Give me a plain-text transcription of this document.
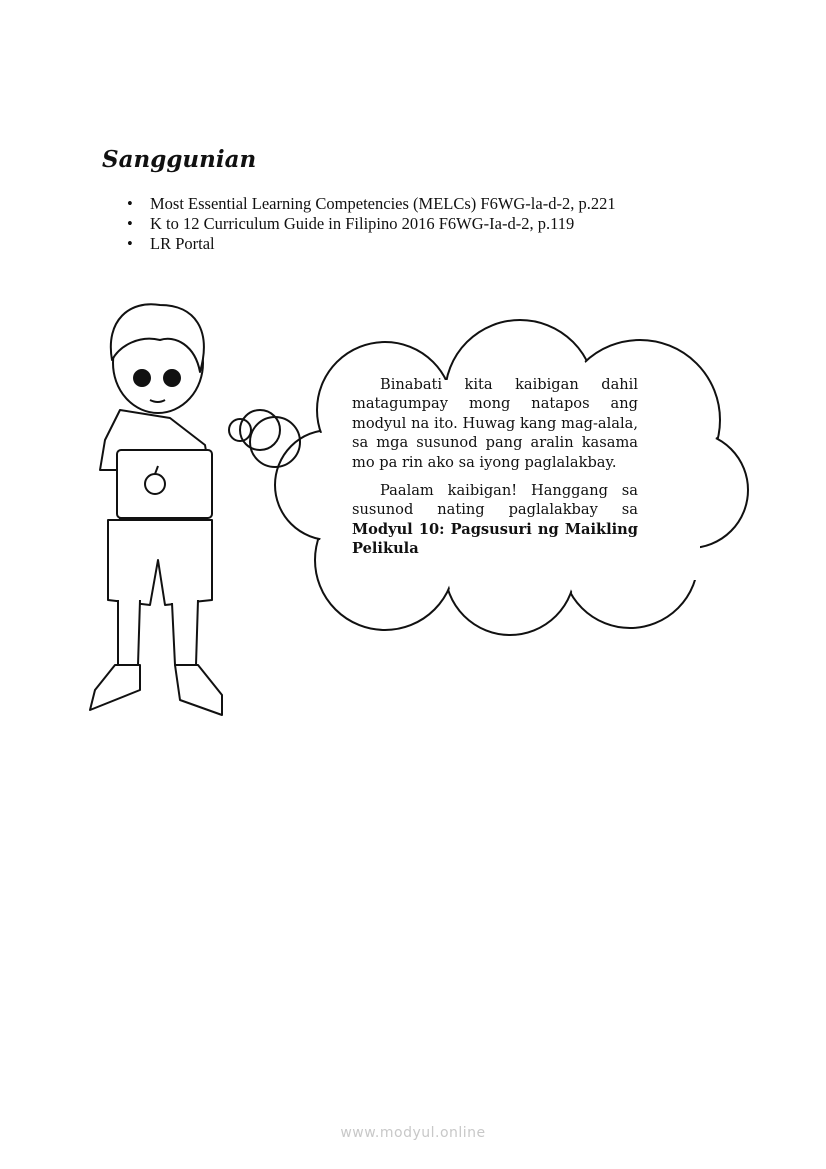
Sanggunian
• Most Essential Learning Competencies (MELCs) F6WG-la-d-2, p.221
• K to 12 Curriculum Guide in Filipino 2016 F6WG-Ia-d-2, p.119
• LR Portal

Binabati kita kaibigan dahil matagumpay mong natapos ang modyul na ito. Huwag kang mag-alala, sa mga susunod pang aralin kasama mo pa rin ako sa iyong paglalakbay.

Paalam kaibigan! Hanggang sa susunod nating paglalakbay sa Modyul 10: Pagsusuri ng Maikling Pelikula

www.modyul.online
